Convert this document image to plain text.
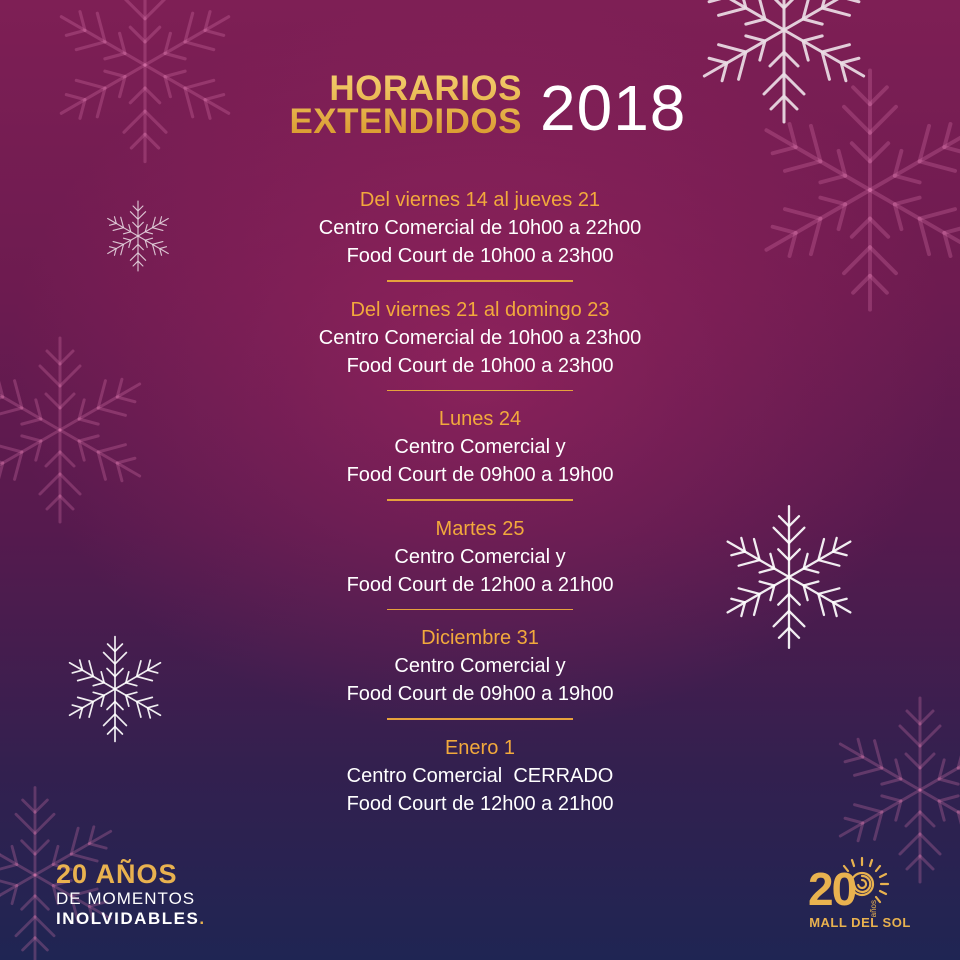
HORARIOS
EXTENDIDOS 2018
Del viernes 14 al jueves 21
Centro Comercial de 10h00 a 22h00
Food Court de 10h00 a 23h00
Del viernes 21 al domingo 23
Centro Comercial de 10h00 a 23h00
Food Court de 10h00 a 23h00
Lunes 24
Centro Comercial y
Food Court de 09h00 a 19h00
Martes 25
Centro Comercial y
Food Court de 12h00 a 21h00
Diciembre 31
Centro Comercial y
Food Court de 09h00 a 19h00
Enero 1
Centro Comercial  CERRADO
Food Court de 12h00 a 21h00
20 AÑOS
DE MOMENTOS
INOLVIDABLES.
20 años
MALL DEL SOL
